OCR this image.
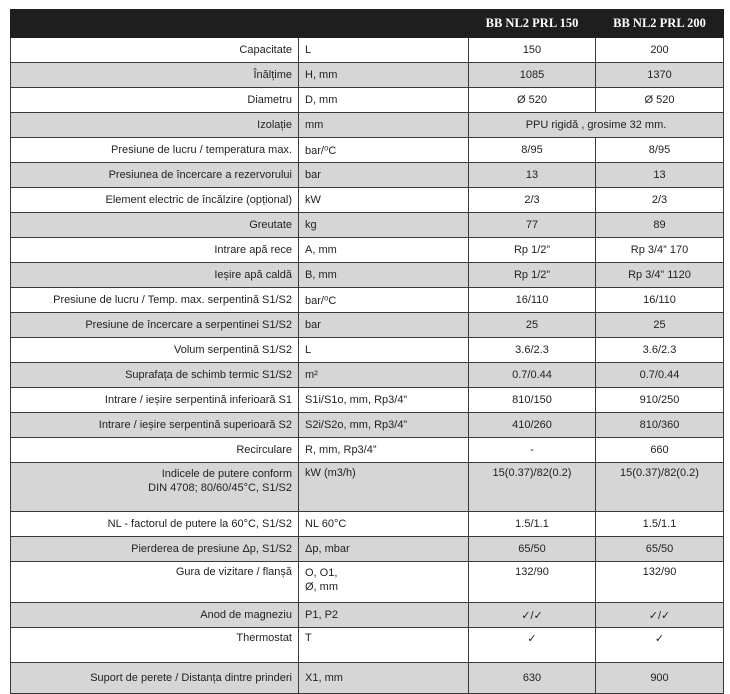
		BB NL2 PRL 150	BB NL2 PRL 200
Capacitate	L	150	200
Înălțime	H, mm	1085	1370
Diametru	D, mm	Ø 520	Ø 520
Izolație	mm	PPU rigidă , grosime 32 mm.	
Presiune de lucru / temperatura max.	bar/⁰C	8/95	8/95
Presiunea de încercare a rezervorului	bar	13	13
Element electric de încălzire (opțional)	kW	2/3	2/3
Greutate	kg	77	89
Intrare apă rece	A, mm	Rp 1/2”	Rp 3/4” 170
Ieșire apă caldă	B, mm	Rp 1/2”	Rp 3/4” 1120
Presiune de lucru / Temp. max. serpentină S1/S2	bar/⁰C	16/110	16/110
Presiune de încercare a serpentinei S1/S2	bar	25	25
Volum serpentină S1/S2	L	3.6/2.3	3.6/2.3
Suprafața de schimb termic S1/S2	m²	0.7/0.44	0.7/0.44
Intrare / ieșire serpentină inferioară S1	S1i/S1o, mm, Rp3/4”	810/150	910/250
Intrare / ieșire serpentină superioară S2	S2i/S2o, mm, Rp3/4”	410/260	810/360
Recirculare	R, mm, Rp3/4”	-	660

Indicele de putere conform
DIN 4708; 80/60/45°C, S1/S2	kW (m3/h)	15(0.37)/82(0.2)	15(0.37)/82(0.2)
NL - factorul de putere la 60°C, S1/S2	NL 60°C	1.5/1.1	1.5/1.1
Pierderea de presiune Δp, S1/S2	Δp, mbar	65/50	65/50
Gura de vizitare / flanșă	O, O1,
Ø, mm	132/90	132/90
Anod de magneziu	P1, P2	✓/✓	✓/✓
Thermostat	T	✓	✓
Suport de perete / Distanța dintre prinderi	X1, mm	630	900
